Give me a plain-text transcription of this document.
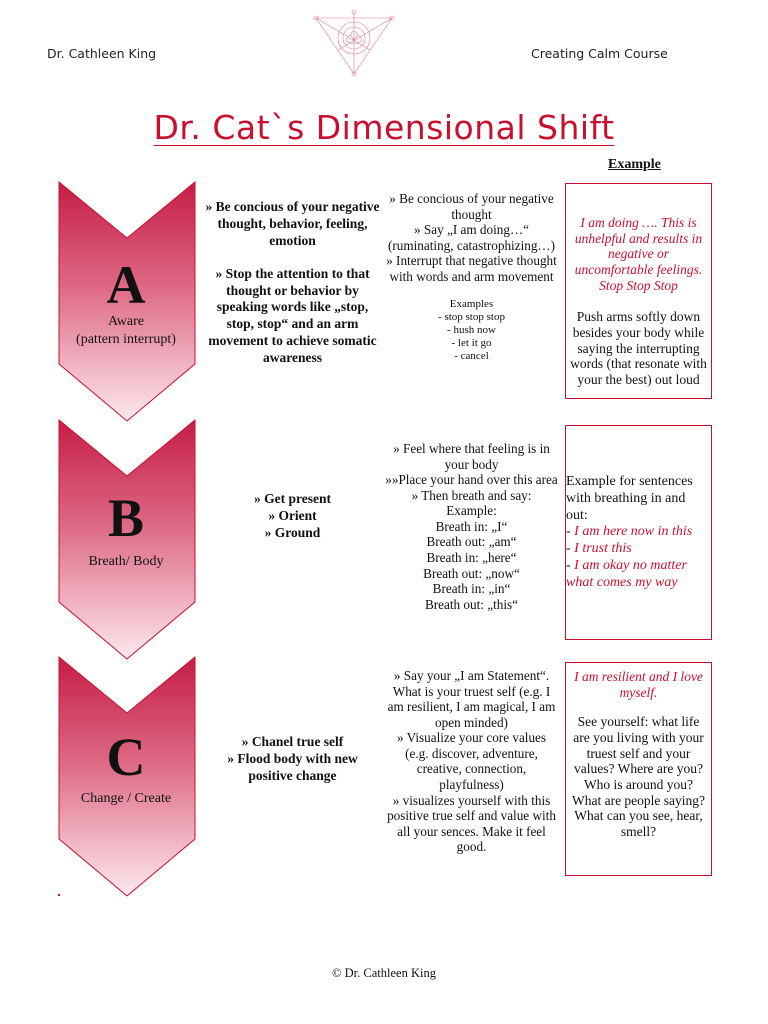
Dr. Cathleen King	Creating Calm Course
Dr. Cat`s Dimensional Shift
Example
A
Aware
(pattern interrupt)

» Be concious of your negative thought, behavior, feeling, emotion

» Stop the attention to that thought or behavior by speaking words like „stop, stop, stop“ and an arm movement to achieve somatic awareness

» Be concious of your negative thought

» Say „I am doing…“ (ruminating, catastrophizing…)

» Interrupt that negative thought with words and arm movement

Examples

- stop stop stop

- hush now

- let it go

- cancel

I am doing …. This is unhelpful and results in negative or uncomfortable feelings. Stop Stop Stop

Push arms softly down besides your body while saying the interrupting words (that resonate with your the best) out loud

B
Breath/ Body

» Get present

» Orient

» Ground

» Feel where that feeling is in your body

»»Place your hand over this area

» Then breath and say:

Example:

Breath in: „I“

Breath out: „am“

Breath in: „here“

Breath out: „now“

Breath in: „in“

Breath out: „this“

Example for sentences with breathing in and out:

- I am here now in this

- I trust this

- I am okay no matter what comes my way

C
Change / Create

» Chanel true self

» Flood body with new positive change

» Say your „I am Statement“. What is your truest self (e.g. I am resilient, I am magical, I am open minded)

» Visualize your core values (e.g. discover, adventure, creative, connection, playfulness)

» visualizes yourself with this positive true self and value with all your sences. Make it feel good.

I am resilient and I love myself.

See yourself: what life are you living with your truest self and your values? Where are you? Who is around you? What are people saying? What can you see, hear, smell?

© Dr. Cathleen King
